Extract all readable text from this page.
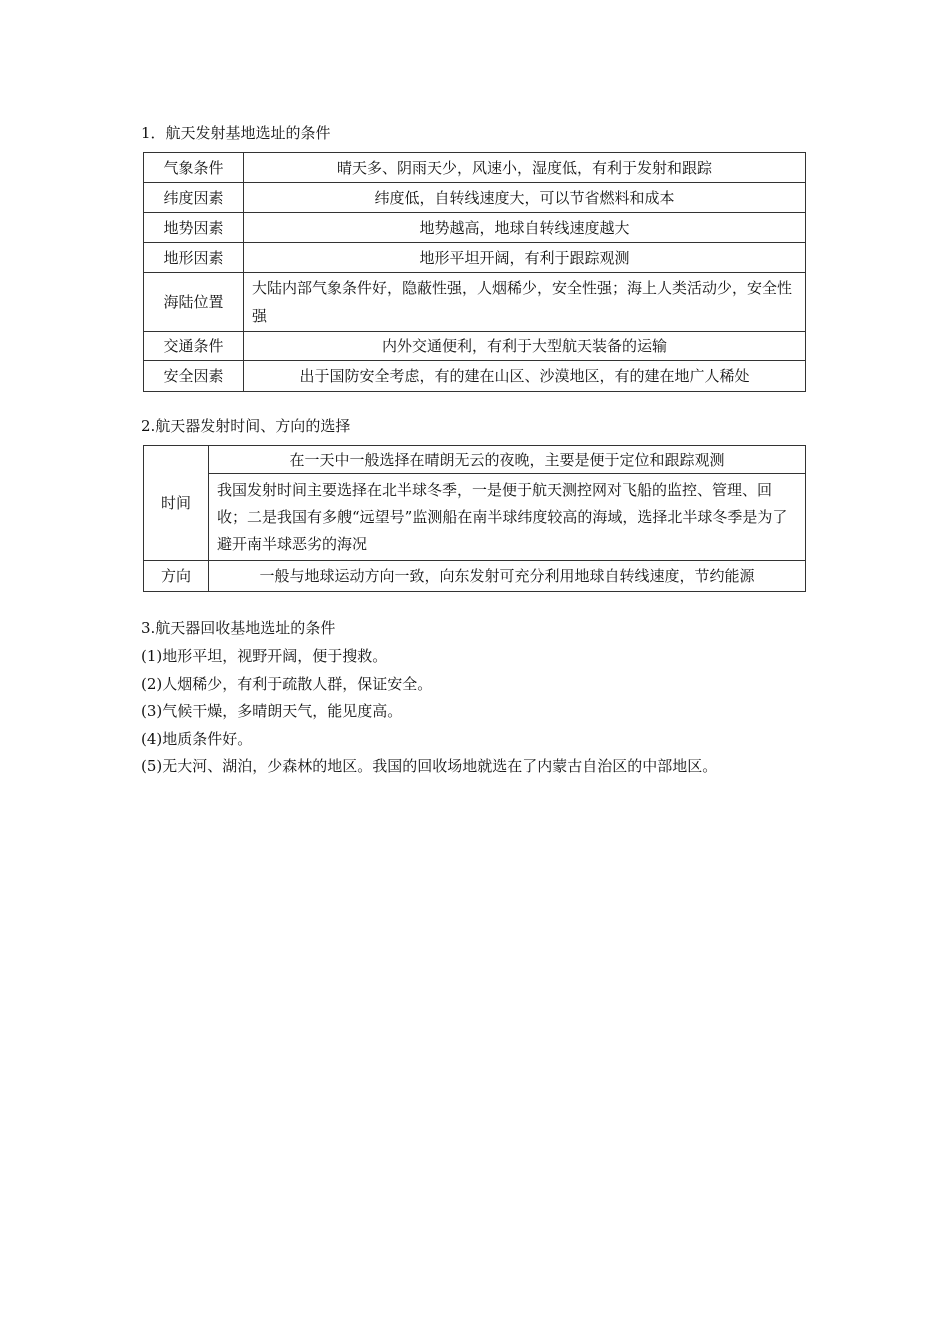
1．航天发射基地选址的条件
气象条件	晴天多、阴雨天少，风速小，湿度低，有利于发射和跟踪
纬度因素	纬度低，自转线速度大，可以节省燃料和成本
地势因素	地势越高，地球自转线速度越大
地形因素	地形平坦开阔，有利于跟踪观测
海陆位置	大陆内部气象条件好，隐蔽性强，人烟稀少，安全性强；海上人类活动少，安全性强
交通条件	内外交通便利，有利于大型航天装备的运输
安全因素	出于国防安全考虑，有的建在山区、沙漠地区，有的建在地广人稀处
2.航天器发射时间、方向的选择
时间	在一天中一般选择在晴朗无云的夜晚，主要是便于定位和跟踪观测
	我国发射时间主要选择在北半球冬季，一是便于航天测控网对飞船的监控、管理、回收；二是我国有多艘“远望号”监测船在南半球纬度较高的海域，选择北半球冬季是为了避开南半球恶劣的海况
方向	一般与地球运动方向一致，向东发射可充分利用地球自转线速度，节约能源
3.航天器回收基地选址的条件
(1)地形平坦，视野开阔，便于搜救。
(2)人烟稀少，有利于疏散人群，保证安全。
(3)气候干燥，多晴朗天气，能见度高。
(4)地质条件好。
(5)无大河、湖泊，少森林的地区。我国的回收场地就选在了内蒙古自治区的中部地区。
